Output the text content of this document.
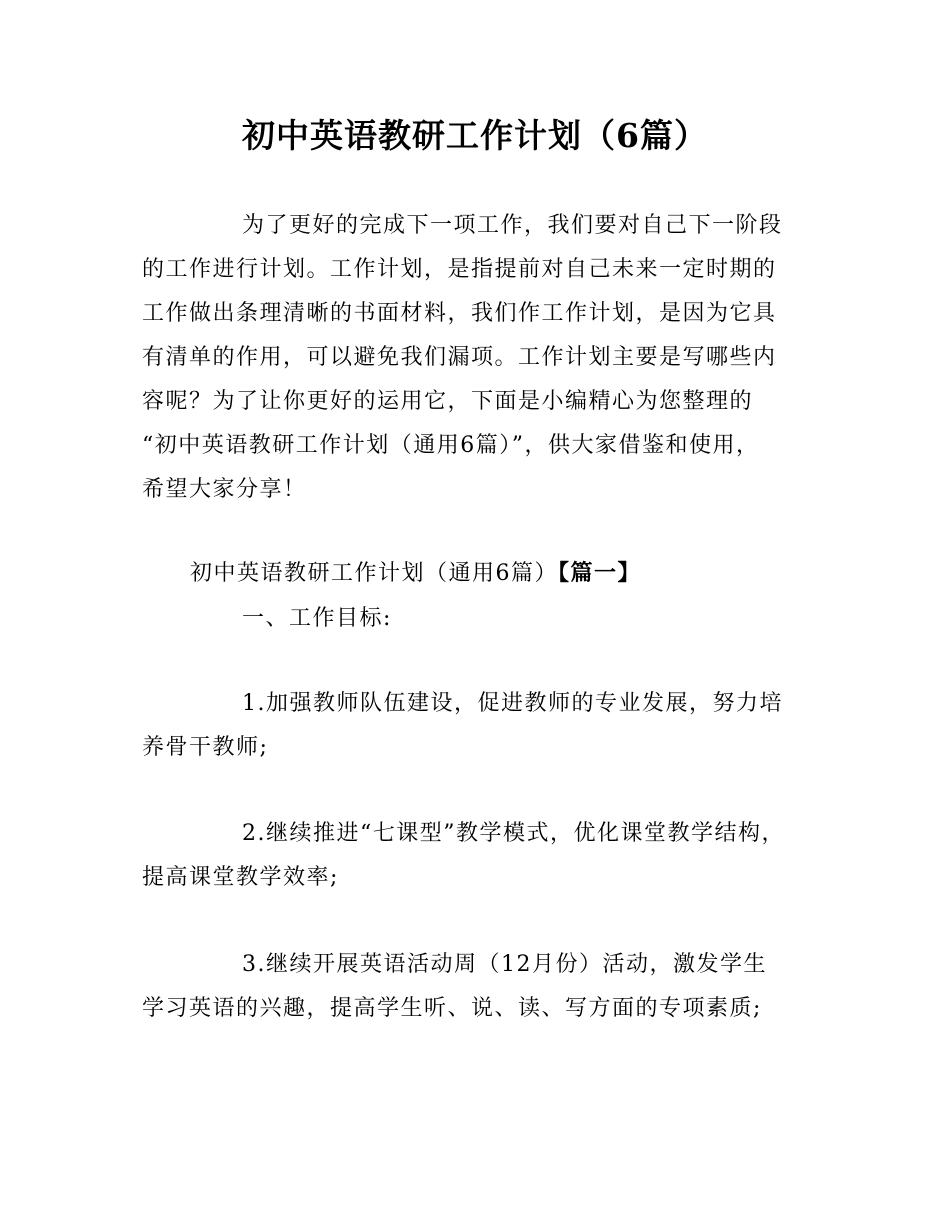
初中英语教研工作计划（6篇）
为了更好的完成下一项工作，我们要对自己下一阶段
的工作进行计划。工作计划，是指提前对自己未来一定时期的
工作做出条理清晰的书面材料，我们作工作计划，是因为它具
有清单的作用，可以避免我们漏项。工作计划主要是写哪些内
容呢？为了让你更好的运用它，下面是小编精心为您整理的
“初中英语教研工作计划（通用6篇）”，供大家借鉴和使用，
希望大家分享！
初中英语教研工作计划（通用6篇）【篇一】
一、工作目标:
1.加强教师队伍建设，促进教师的专业发展，努力培
养骨干教师;
2.继续推进“七课型”教学模式，优化课堂教学结构，
提高课堂教学效率;
3.继续开展英语活动周（12月份）活动，激发学生
学习英语的兴趣，提高学生听、说、读、写方面的专项素质;
